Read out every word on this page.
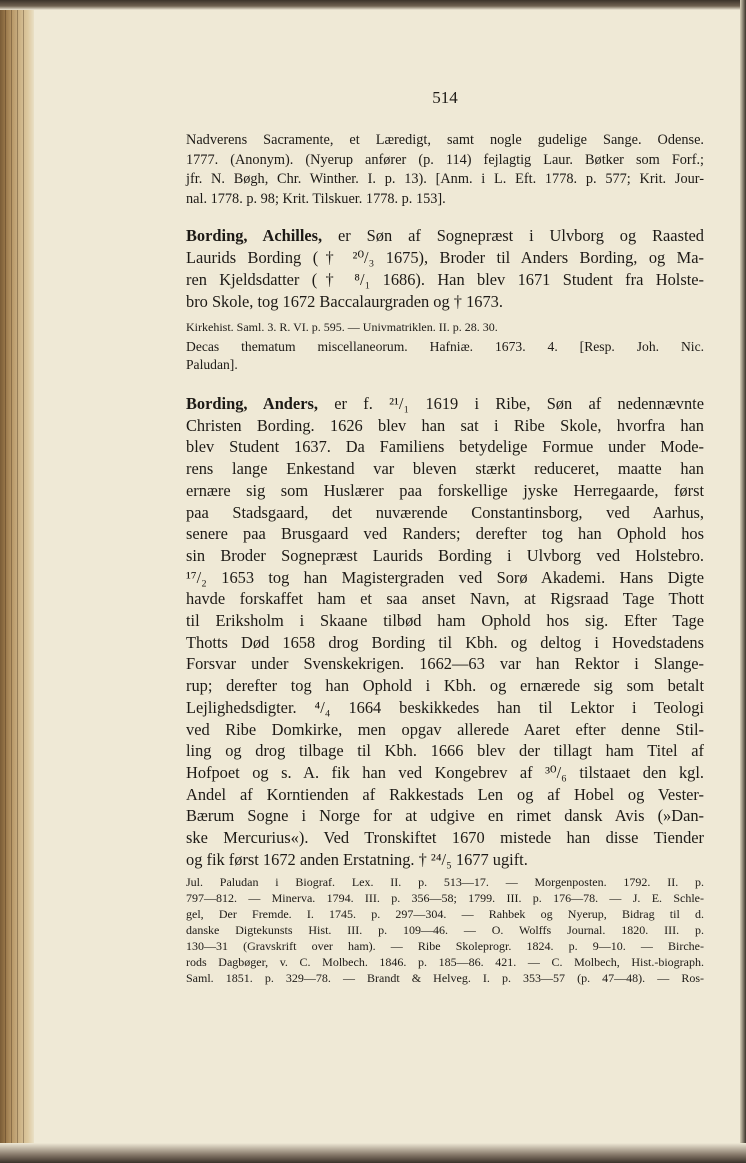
514
Nadverens Sacramente, et Læredigt, samt nogle gudelige Sange. Odense.
1777. (Anonym). (Nyerup anfører (p. 114) fejlagtig Laur. Bøtker som Forf.;
jfr. N. Bøgh, Chr. Winther. I. p. 13). [Anm. i L. Eft. 1778. p. 577; Krit. Jour-
nal. 1778. p. 98; Krit. Tilskuer. 1778. p. 153].
Bording, Achilles, er Søn af Sognepræst i Ulvborg og Raasted
Laurids Bording († ²⁰/₃ 1675), Broder til Anders Bording, og Ma-
ren Kjeldsdatter († ⁸/₁ 1686). Han blev 1671 Student fra Holste-
bro Skole, tog 1672 Baccalaurgraden og † 1673.
Kirkehist. Saml. 3. R. VI. p. 595. — Univmatriklen. II. p. 28. 30.
Decas thematum miscellaneorum. Hafniæ. 1673. 4. [Resp. Joh. Nic.
Paludan].
Bording, Anders, er f. ²¹/₁ 1619 i Ribe, Søn af nedennævnte
Christen Bording. 1626 blev han sat i Ribe Skole, hvorfra han
blev Student 1637. Da Familiens betydelige Formue under Mode-
rens lange Enkestand var bleven stærkt reduceret, maatte han
ernære sig som Huslærer paa forskellige jyske Herregaarde, først
paa Stadsgaard, det nuværende Constantinsborg, ved Aarhus,
senere paa Brusgaard ved Randers; derefter tog han Ophold hos
sin Broder Sognepræst Laurids Bording i Ulvborg ved Holstebro.
¹⁷/₂ 1653 tog han Magistergraden ved Sorø Akademi. Hans Digte
havde forskaffet ham et saa anset Navn, at Rigsraad Tage Thott
til Eriksholm i Skaane tilbød ham Ophold hos sig. Efter Tage
Thotts Død 1658 drog Bording til Kbh. og deltog i Hovedstadens
Forsvar under Svenskekrigen. 1662—63 var han Rektor i Slange-
rup; derefter tog han Ophold i Kbh. og ernærede sig som betalt
Lejlighedsdigter. ⁴/₄ 1664 beskikkedes han til Lektor i Teologi
ved Ribe Domkirke, men opgav allerede Aaret efter denne Stil-
ling og drog tilbage til Kbh. 1666 blev der tillagt ham Titel af
Hofpoet og s. A. fik han ved Kongebrev af ³⁰/₆ tilstaaet den kgl.
Andel af Korntienden af Rakkestads Len og af Hobel og Vester-
Bærum Sogne i Norge for at udgive en rimet dansk Avis (»Dan-
ske Mercurius«). Ved Tronskiftet 1670 mistede han disse Tiender
og fik først 1672 anden Erstatning. † ²⁴/₅ 1677 ugift.
Jul. Paludan i Biograf. Lex. II. p. 513—17. — Morgenposten. 1792. II. p.
797—812. — Minerva. 1794. III. p. 356—58; 1799. III. p. 176—78. — J. E. Schle-
gel, Der Fremde. I. 1745. p. 297—304. — Rahbek og Nyerup, Bidrag til d.
danske Digtekunsts Hist. III. p. 109—46. — O. Wolffs Journal. 1820. III. p.
130—31 (Gravskrift over ham). — Ribe Skoleprogr. 1824. p. 9—10. — Birche-
rods Dagbøger, v. C. Molbech. 1846. p. 185—86. 421. — C. Molbech, Hist.-biograph.
Saml. 1851. p. 329—78. — Brandt & Helveg. I. p. 353—57 (p. 47—48). — Ros-
